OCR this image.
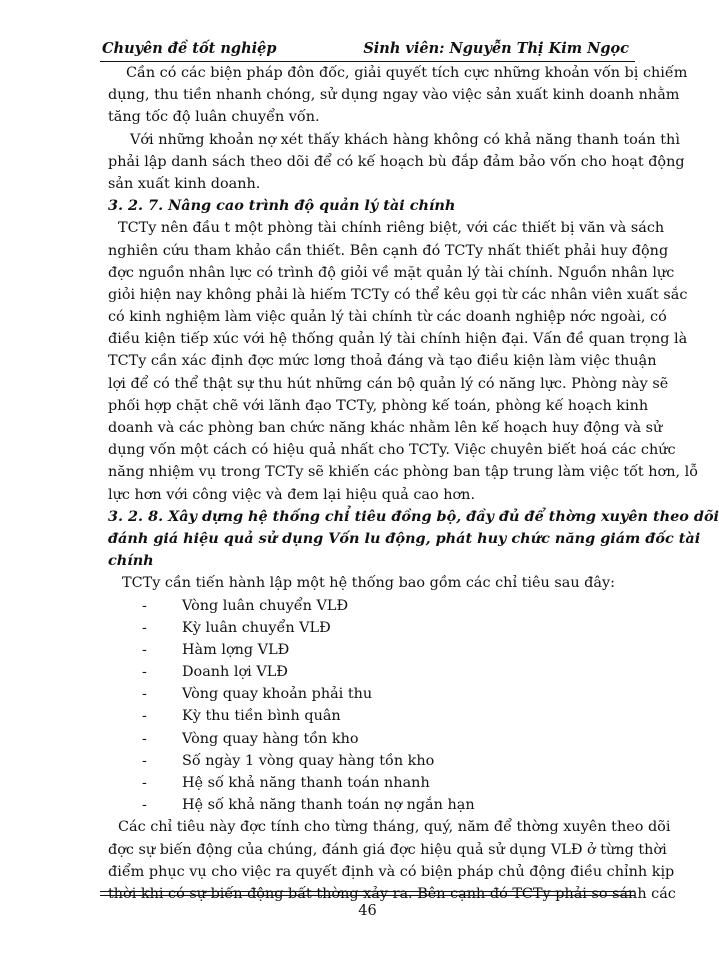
Chuyên đề tốt nghiệp	Sinh viên: Nguyễn Thị Kim Ngọc
Cần có các biện pháp đôn đốc, giải quyết tích cực những khoản vốn bị chiếm
dụng, thu tiền nhanh chóng, sử dụng ngay vào việc sản xuất kinh doanh nhằm
tăng tốc độ luân chuyển vốn.
Với những khoản nợ xét thấy khách hàng không có khả năng thanh toán thì
phải lập danh sách theo dõi để có kế hoạch bù đắp đảm bảo vốn cho hoạt động
sản xuất kinh doanh.
3. 2. 7. Nâng cao trình độ quản lý tài chính
TCTy nên đầu t một phòng tài chính riêng biệt, với các thiết bị văn và sách
nghiên cứu tham khảo cần thiết. Bên cạnh đó TCTy nhất thiết phải huy động
đợc nguồn nhân lực có trình độ giỏi về mặt quản lý tài chính. Nguồn nhân lực
giỏi hiện nay không phải là hiếm TCTy có thể kêu gọi từ các nhân viên xuất sắc
có kinh nghiệm làm việc quản lý tài chính từ các doanh nghiệp nớc ngoài, có
điều kiện tiếp xúc với hệ thống quản lý tài chính hiện đại. Vấn đề quan trọng là
TCTy cần xác định đợc mức lơng thoả đáng và tạo điều kiện làm việc thuận
lợi để có thể thật sự thu hút những cán bộ quản lý có năng lực. Phòng này sẽ
phối hợp chặt chẽ với lãnh đạo TCTy, phòng kế toán, phòng kế hoạch kinh
doanh và các phòng ban chức năng khác nhằm lên kế hoạch huy động và sử
dụng vốn một cách có hiệu quả nhất cho TCTy. Việc chuyên biết hoá các chức
năng nhiệm vụ trong TCTy sẽ khiến các phòng ban tập trung làm việc tốt hơn, lỗ
lực hơn với công việc và đem lại hiệu quả cao hơn.
3. 2. 8. Xây dựng hệ thống chỉ tiêu đồng bộ, đầy đủ để thờng xuyên theo dõi
đánh giá hiệu quả sử dụng Vốn lu động, phát huy chức năng giám đốc tài
chính
TCTy cần tiến hành lập một hệ thống bao gồm các chỉ tiêu sau đây:
- Vòng luân chuyển VLĐ
- Kỳ luân chuyển VLĐ
- Hàm lợng VLĐ
- Doanh lợi VLĐ
- Vòng quay khoản phải thu
- Kỳ thu tiền bình quân
- Vòng quay hàng tồn kho
- Số ngày 1 vòng quay hàng tồn kho
- Hệ số khả năng thanh toán nhanh
- Hệ số khả năng thanh toán nợ ngắn hạn
Các chỉ tiêu này đợc tính cho từng tháng, quý, năm để thờng xuyên theo dõi
đợc sự biến động của chúng, đánh giá đợc hiệu quả sử dụng VLĐ ở từng thời
điểm phục vụ cho việc ra quyết định và có biện pháp chủ động điều chỉnh kịp
thời khi có sự biến động bất thờng xảy ra. Bên cạnh đó TCTy phải so sánh các
46
